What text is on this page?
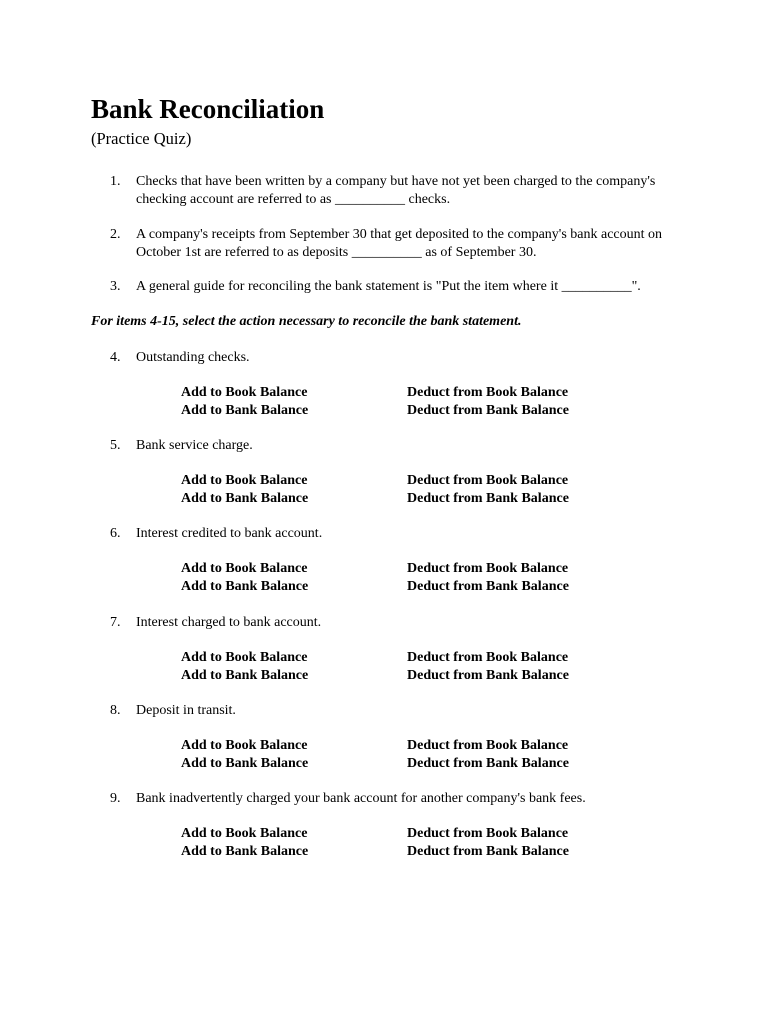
Bank Reconciliation
(Practice Quiz)
1.	Checks that have been written by a company but have not yet been charged to the company's
checking account are referred to as __________ checks.
2.	A company's receipts from September 30 that get deposited to the company's bank account on
October 1st are referred to as deposits __________ as of September 30.
3.	A general guide for reconciling the bank statement is "Put the item where it __________".
For items 4-15, select the action necessary to reconcile the bank statement.
4.	Outstanding checks.
Add to Book Balance	Deduct from Book Balance
Add to Bank Balance	Deduct from Bank Balance
5.	Bank service charge.
Add to Book Balance	Deduct from Book Balance
Add to Bank Balance	Deduct from Bank Balance
6.	Interest credited to bank account.
Add to Book Balance	Deduct from Book Balance
Add to Bank Balance	Deduct from Bank Balance
7.	Interest charged to bank account.
Add to Book Balance	Deduct from Book Balance
Add to Bank Balance	Deduct from Bank Balance
8.	Deposit in transit.
Add to Book Balance	Deduct from Book Balance
Add to Bank Balance	Deduct from Bank Balance
9.	Bank inadvertently charged your bank account for another company's bank fees.
Add to Book Balance	Deduct from Book Balance
Add to Bank Balance	Deduct from Bank Balance
